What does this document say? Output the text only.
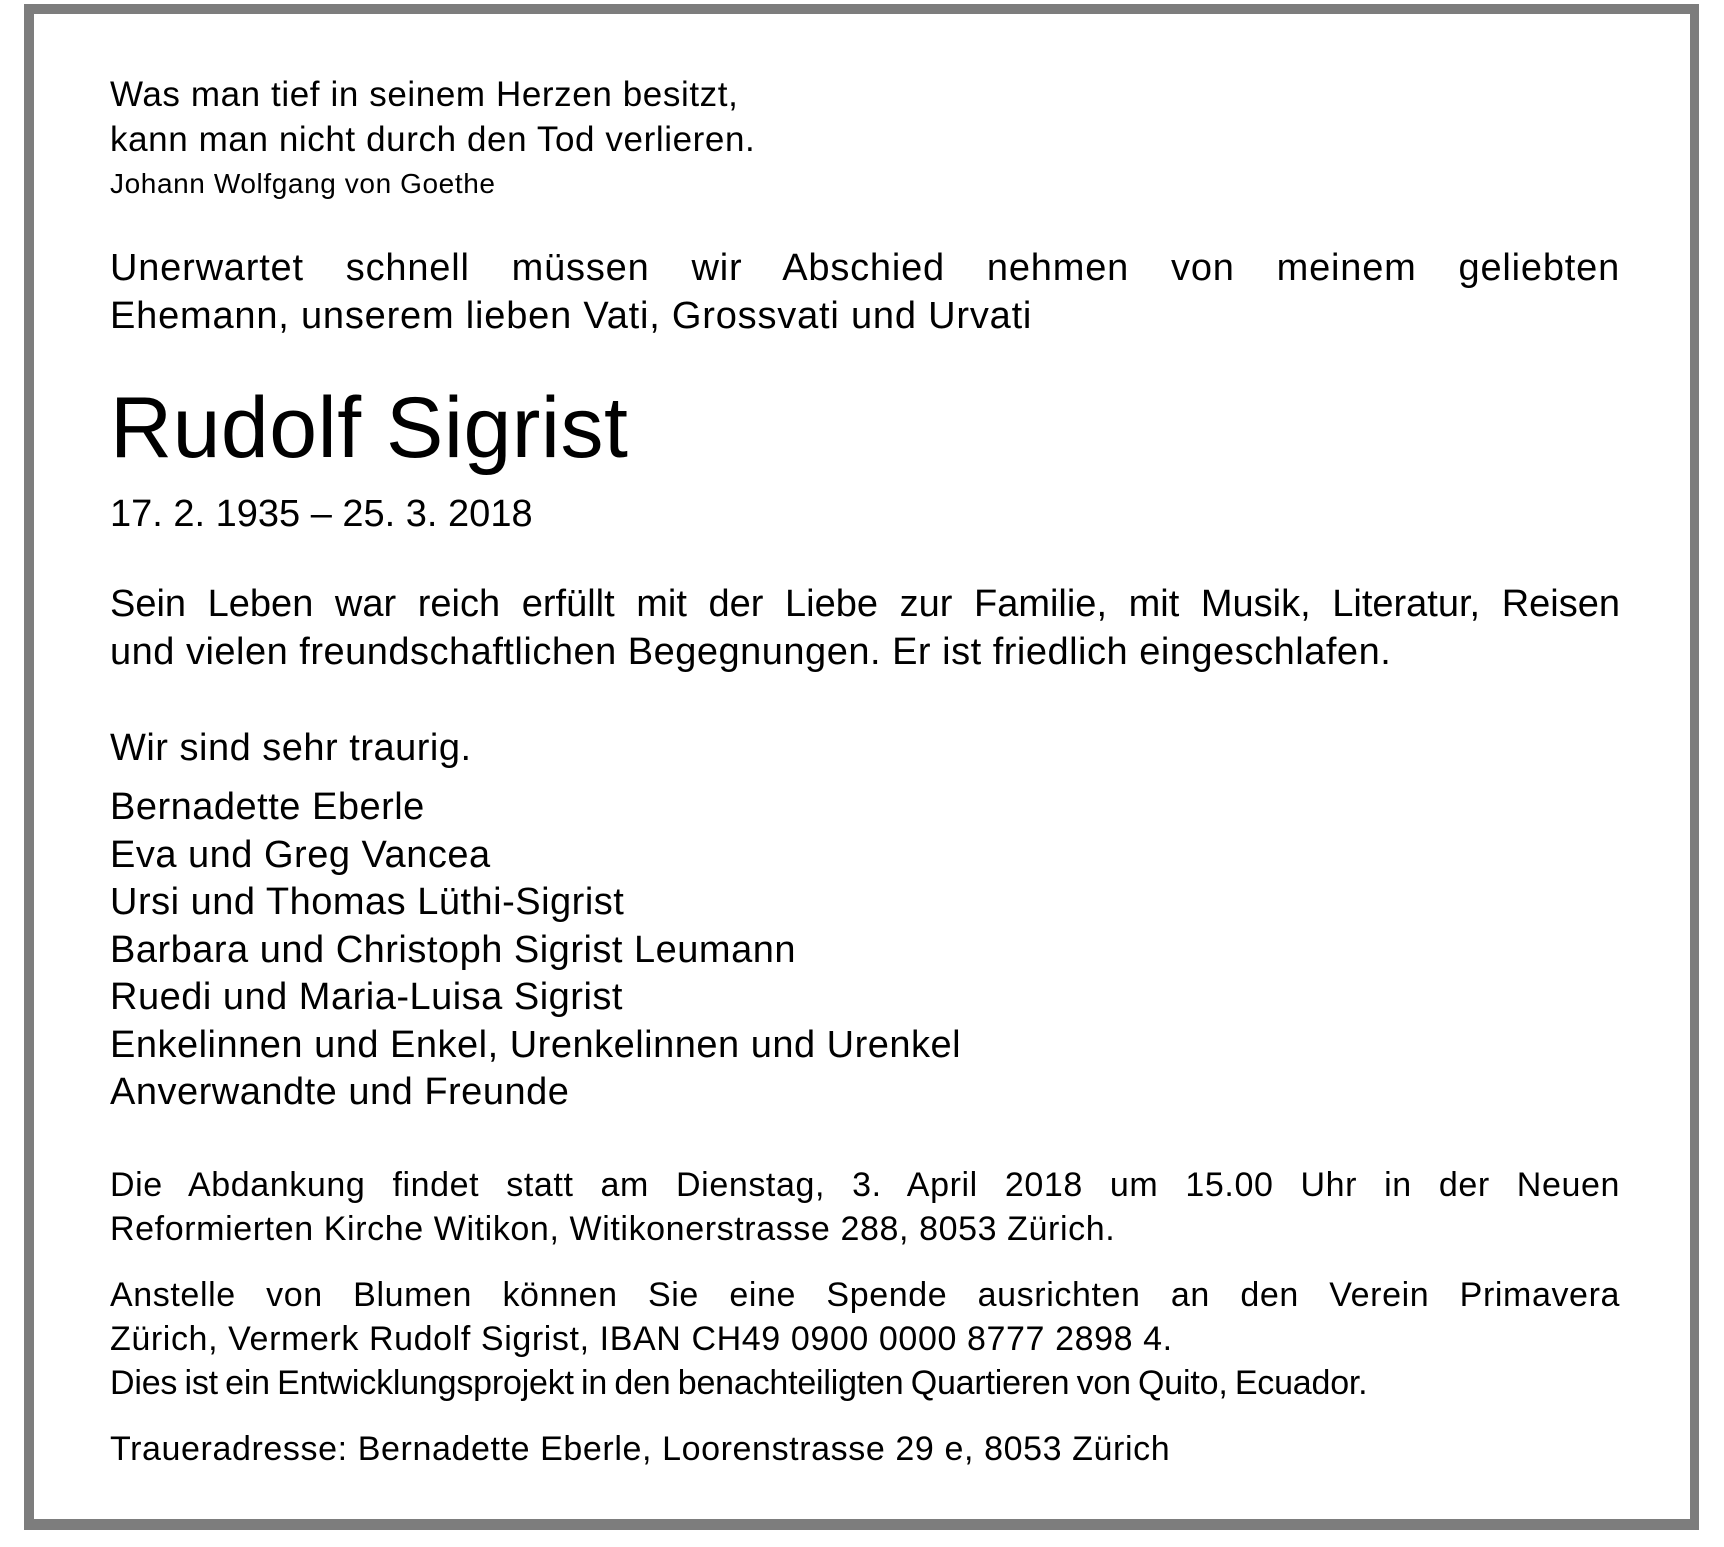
Was man tief in seinem Herzen besitzt,
kann man nicht durch den Tod verlieren.
Johann Wolfgang von Goethe
Unerwartet schnell müssen wir Abschied nehmen von meinem geliebten
Ehemann, unserem lieben Vati, Grossvati und Urvati
Rudolf Sigrist
17. 2. 1935 – 25. 3. 2018
Sein Leben war reich erfüllt mit der Liebe zur Familie, mit Musik, Literatur, Reisen
und vielen freundschaftlichen Begegnungen. Er ist friedlich eingeschlafen.
Wir sind sehr traurig.
Bernadette Eberle
Eva und Greg Vancea
Ursi und Thomas Lüthi-Sigrist
Barbara und Christoph Sigrist Leumann
Ruedi und Maria-Luisa Sigrist
Enkelinnen und Enkel, Urenkelinnen und Urenkel
Anverwandte und Freunde
Die Abdankung findet statt am Dienstag, 3. April 2018 um 15.00 Uhr in der Neuen
Reformierten Kirche Witikon, Witikonerstrasse 288, 8053 Zürich.
Anstelle von Blumen können Sie eine Spende ausrichten an den Verein Primavera
Zürich, Vermerk Rudolf Sigrist, IBAN CH49 0900 0000 8777 2898 4.
Dies ist ein Entwicklungsprojekt in den benachteiligten Quartieren von Quito, Ecuador.
Traueradresse: Bernadette Eberle, Loorenstrasse 29 e, 8053 Zürich
